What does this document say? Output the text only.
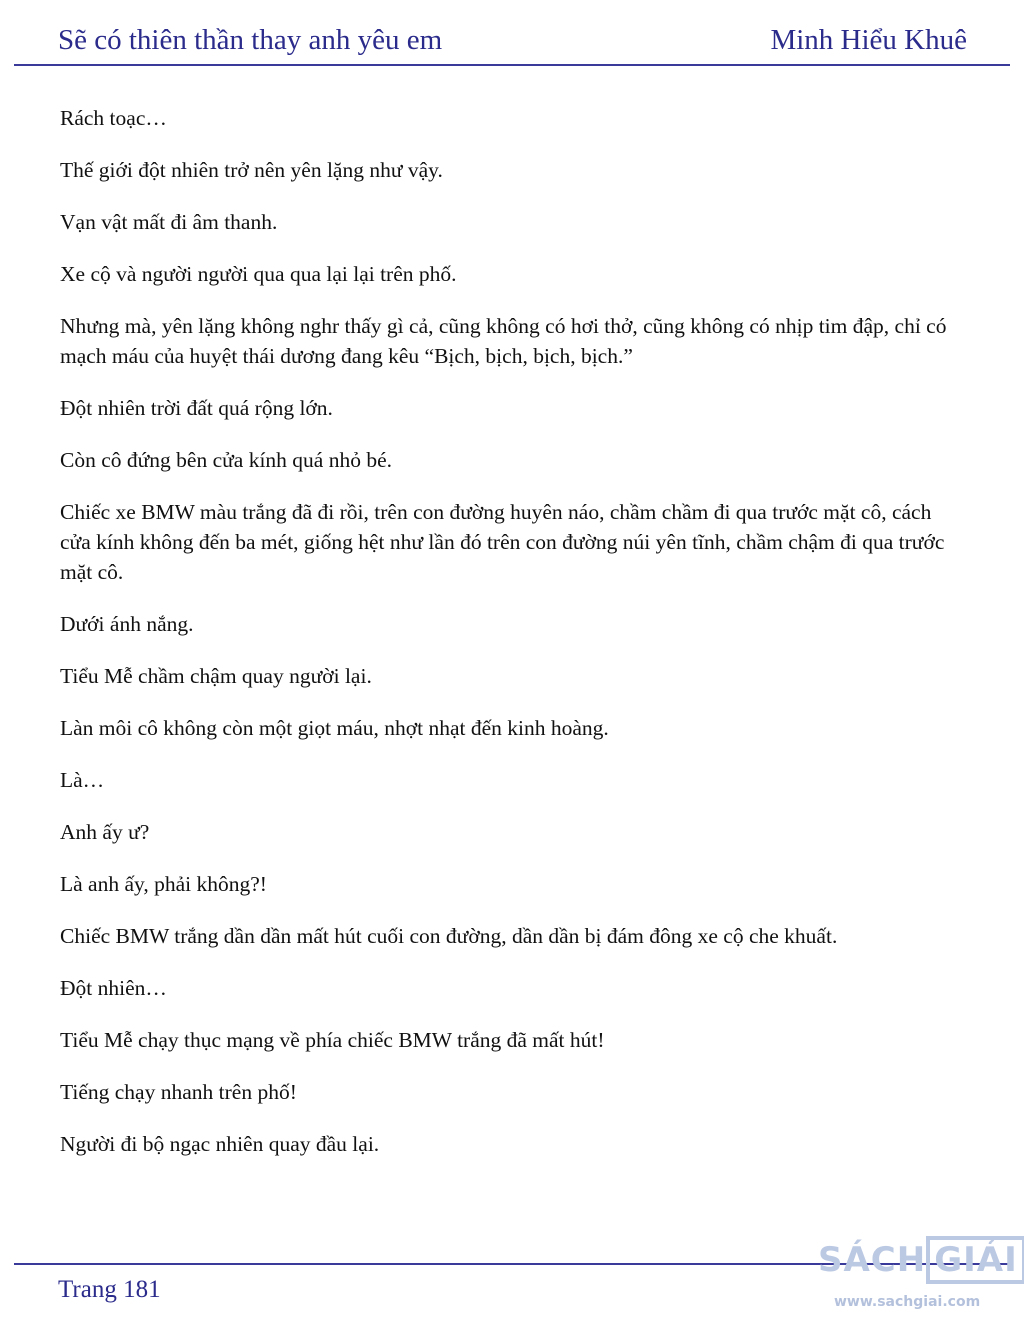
Sẽ có thiên thần thay anh yêu em	Minh Hiểu Khuê

Rách toạc…

Thế giới đột nhiên trở nên yên lặng như vậy.

Vạn vật mất đi âm thanh.

Xe cộ và người người qua qua lại lại trên phố.

Nhưng mà, yên lặng không nghr thấy gì cả, cũng không có hơi thở, cũng không có nhịp tim đập, chỉ có mạch máu của huyệt thái dương đang kêu “Bịch, bịch, bịch, bịch.”

Đột nhiên trời đất quá rộng lớn.

Còn cô đứng bên cửa kính quá nhỏ bé.

Chiếc xe BMW màu trắng đã đi rồi, trên con đường huyên náo, chầm chầm đi qua trước mặt cô, cách cửa kính không đến ba mét, giống hệt như lần đó trên con đường núi yên tĩnh, chầm chậm đi qua trước mặt cô.

Dưới ánh nắng.

Tiểu Mễ chầm chậm quay người lại.

Làn môi cô không còn một giọt máu, nhợt nhạt đến kinh hoàng.

Là…

Anh ấy ư?

Là anh ấy, phải không?!

Chiếc BMW trắng dần dần mất hút cuối con đường, dần dần bị đám đông xe cộ che khuất.

Đột nhiên…

Tiểu Mễ chạy thục mạng về phía chiếc BMW trắng đã mất hút!

Tiếng chạy nhanh trên phố!

Người đi bộ ngạc nhiên quay đầu lại.

Trang 181
SÁCH GIẢI
www.sachgiai.com
